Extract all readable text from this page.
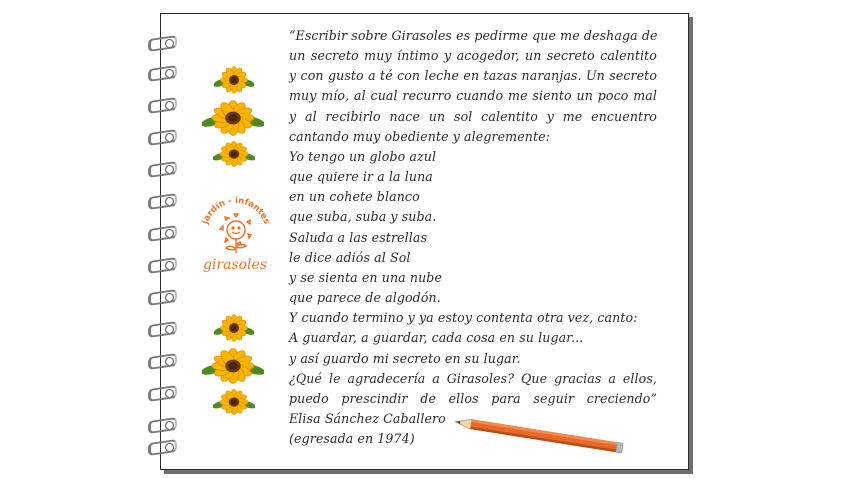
jardín - infantes
girasoles
“Escribir sobre Girasoles es pedirme que me deshaga de
un secreto muy íntimo y acogedor, un secreto calentito
y con gusto a té con leche en tazas naranjas. Un secreto
muy mío, al cual recurro cuando me siento un poco mal
y al recibirlo nace un sol calentito y me encuentro
cantando muy obediente y alegremente:
Yo tengo un globo azul
que quiere ir a la luna
en un cohete blanco
que suba, suba y suba.
Saluda a las estrellas
le dice adiós al Sol
y se sienta en una nube
que parece de algodón.
Y cuando termino y ya estoy contenta otra vez, canto:
A guardar, a guardar, cada cosa en su lugar...
y así guardo mi secreto en su lugar.
¿Qué le agradecería a Girasoles? Que gracias a ellos,
puedo prescindir de ellos para seguir creciendo”
Elisa Sánchez Caballero
(egresada en 1974)
